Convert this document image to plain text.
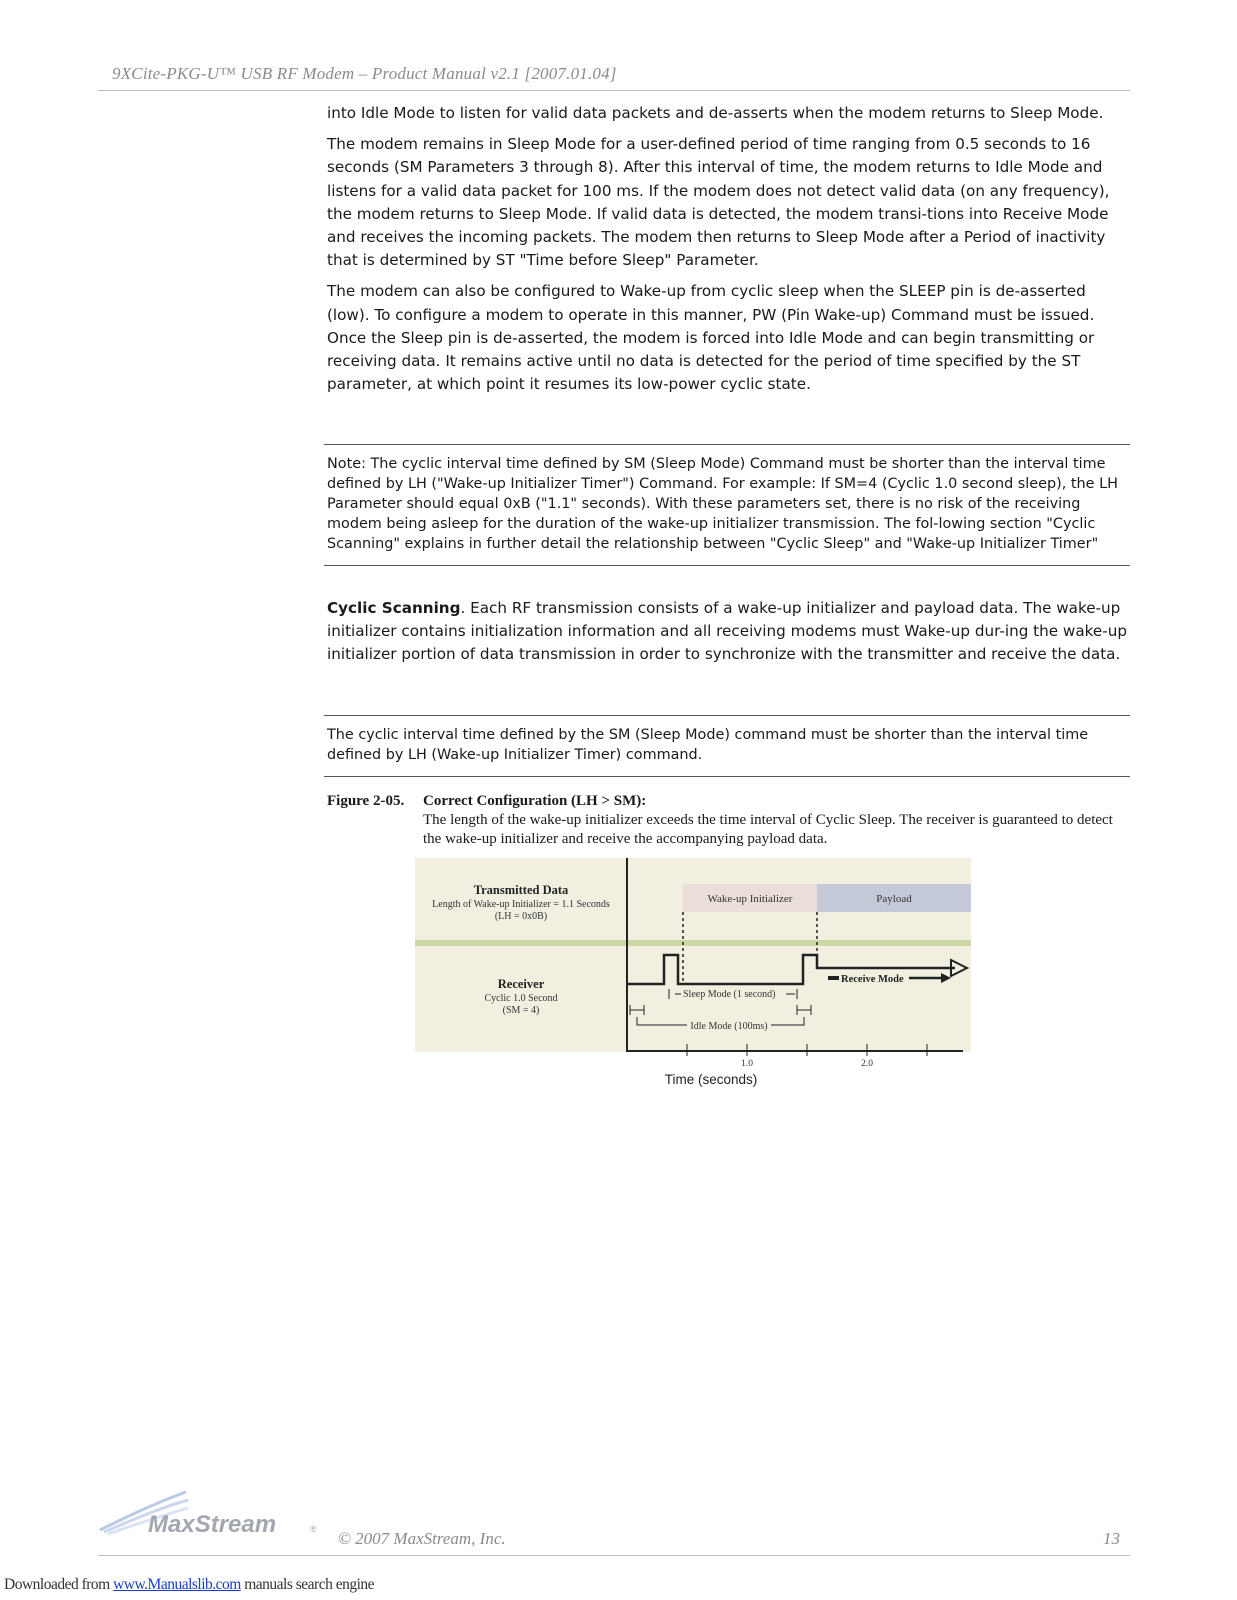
9XCite-PKG-U™ USB RF Modem – Product Manual v2.1 [2007.01.04]

into Idle Mode to listen for valid data packets and de-asserts when the modem returns to Sleep Mode.

The modem remains in Sleep Mode for a user-defined period of time ranging from 0.5 seconds to 16 seconds (SM Parameters 3 through 8). After this interval of time, the modem returns to Idle Mode and listens for a valid data packet for 100 ms. If the modem does not detect valid data (on any frequency), the modem returns to Sleep Mode. If valid data is detected, the modem transi-tions into Receive Mode and receives the incoming packets. The modem then returns to Sleep Mode after a Period of inactivity that is determined by ST "Time before Sleep" Parameter.

The modem can also be configured to Wake-up from cyclic sleep when the SLEEP pin is de-asserted (low). To configure a modem to operate in this manner, PW (Pin Wake-up) Command must be issued. Once the Sleep pin is de-asserted, the modem is forced into Idle Mode and can begin transmitting or receiving data. It remains active until no data is detected for the period of time specified by the ST parameter, at which point it resumes its low-power cyclic state.

Note: The cyclic interval time defined by SM (Sleep Mode) Command must be shorter than the interval time defined by LH ("Wake-up Initializer Timer") Command. For example: If SM=4 (Cyclic 1.0 second sleep), the LH Parameter should equal 0xB ("1.1" seconds). With these parameters set, there is no risk of the receiving modem being asleep for the duration of the wake-up initializer transmission. The fol-lowing section "Cyclic Scanning" explains in further detail the relationship between "Cyclic Sleep" and "Wake-up Initializer Timer"

Cyclic Scanning. Each RF transmission consists of a wake-up initializer and payload data. The wake-up initializer contains initialization information and all receiving modems must Wake-up dur-ing the wake-up initializer portion of data transmission in order to synchronize with the transmitter and receive the data.

The cyclic interval time defined by the SM (Sleep Mode) command must be shorter than the interval time defined by LH (Wake-up Initializer Timer) command.
Figure 2-05. Correct Configuration (LH > SM):
The length of the wake-up initializer exceeds the time interval of Cyclic Sleep. The receiver is guaranteed to detect the wake-up initializer and receive the accompanying payload data.
Wake-up Initializer	Payload
Transmitted Data
Length of Wake-up Initializer = 1.1 Seconds
(LH = 0x0B)
Receiver
Cyclic 1.0 Second
(SM = 4)
Receive Mode
Sleep Mode (1 second)
Idle Mode (100ms)
1.0	2.0
Time (seconds)
MaxStream	® © 2007 MaxStream, Inc.	13
Downloaded from www.Manualslib.com manuals search engine
